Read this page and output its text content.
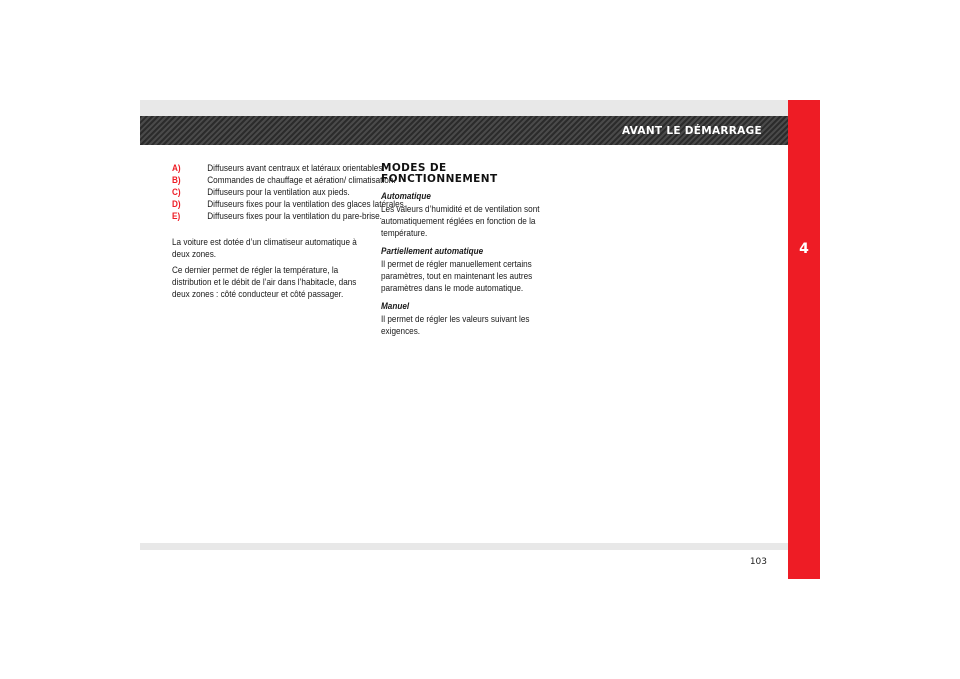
AVANT LE DÉMARRAGE
4
A)	Diffuseurs avant centraux et latéraux orientables.
B)	Commandes de chauffage et aération/ climatisation.
C)	Diffuseurs pour la ventilation aux pieds.
D)	Diffuseurs fixes pour la ventilation des glaces latérales.
E)	Diffuseurs fixes pour la ventilation du pare-brise.

La voiture est dotée d’un climatiseur automatique à deux zones.

Ce dernier permet de régler la température, la distribution et le débit de l’air dans l’habitacle, dans deux zones : côté conducteur et côté passager.

MODES DE
FONCTIONNEMENT
Automatique

Les valeurs d’humidité et de ventilation sont automatiquement réglées en fonction de la température.

Partiellement automatique

Il permet de régler manuellement certains paramètres, tout en maintenant les autres paramètres dans le mode automatique.

Manuel

Il permet de régler les valeurs suivant les exigences.

103
